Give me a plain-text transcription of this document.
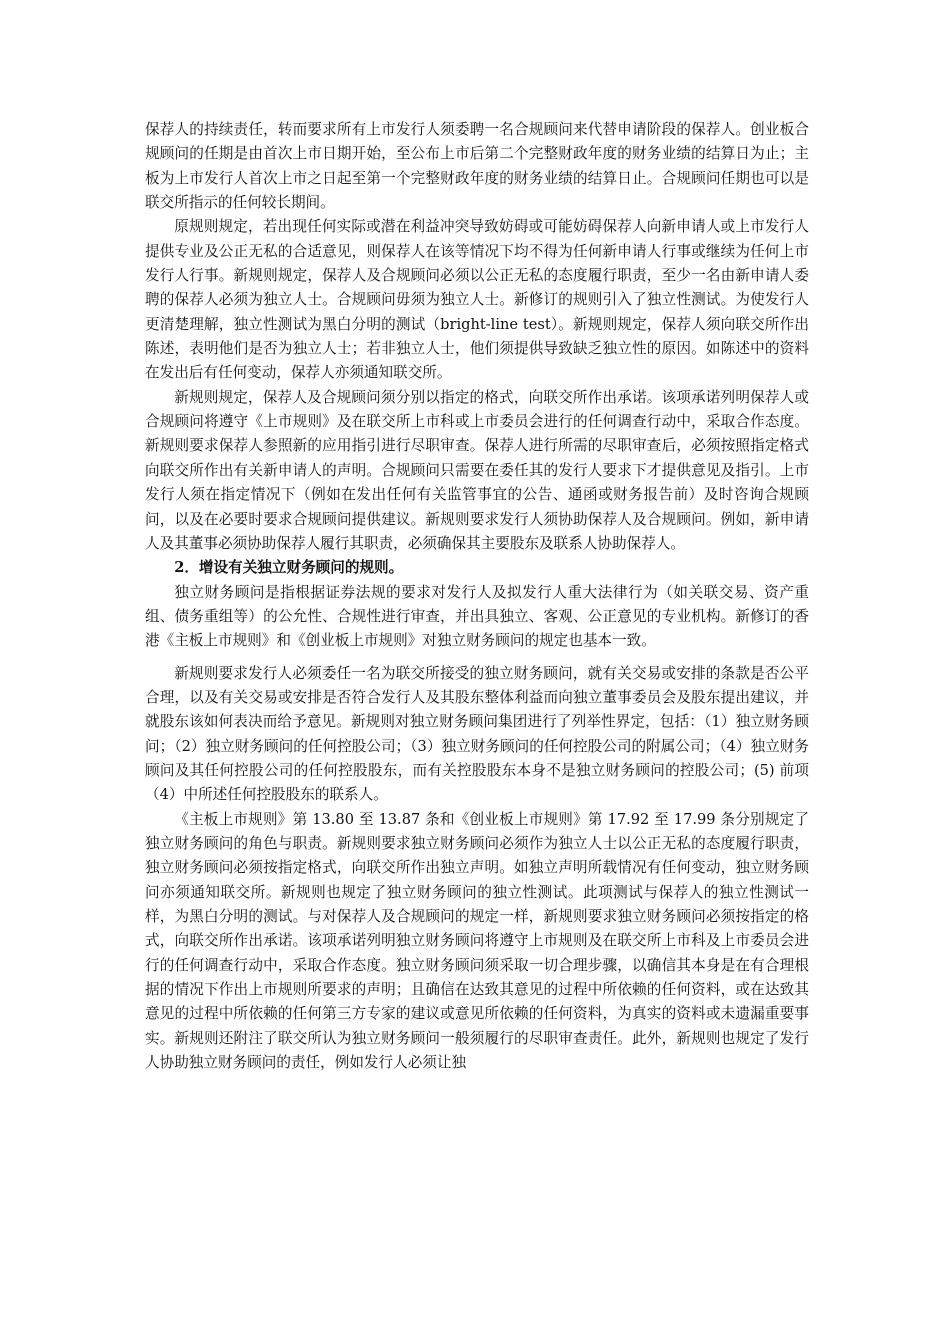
保荐人的持续责任，转而要求所有上市发行人须委聘一名合规顾问来代替申请阶段的保荐人。创业板合规顾问的任期是由首次上市日期开始，至公布上市后第二个完整财政年度的财务业绩的结算日为止；主板为上市发行人首次上市之日起至第一个完整财政年度的财务业绩的结算日止。合规顾问任期也可以是联交所指示的任何较长期间。

原规则规定，若出现任何实际或潜在利益冲突导致妨碍或可能妨碍保荐人向新申请人或上市发行人提供专业及公正无私的合适意见，则保荐人在该等情况下均不得为任何新申请人行事或继续为任何上市发行人行事。新规则规定，保荐人及合规顾问必须以公正无私的态度履行职责，至少一名由新申请人委聘的保荐人必须为独立人士。合规顾问毋须为独立人士。新修订的规则引入了独立性测试。为使发行人更清楚理解，独立性测试为黑白分明的测试（bright-line test）。新规则规定，保荐人须向联交所作出陈述，表明他们是否为独立人士；若非独立人士，他们须提供导致缺乏独立性的原因。如陈述中的资料在发出后有任何变动，保荐人亦须通知联交所。

新规则规定，保荐人及合规顾问须分别以指定的格式，向联交所作出承诺。该项承诺列明保荐人或合规顾问将遵守《上市规则》及在联交所上市科或上市委员会进行的任何调查行动中，采取合作态度。新规则要求保荐人参照新的应用指引进行尽职审查。保荐人进行所需的尽职审查后，必须按照指定格式向联交所作出有关新申请人的声明。合规顾问只需要在委任其的发行人要求下才提供意见及指引。上市发行人须在指定情况下（例如在发出任何有关监管事宜的公告、通函或财务报告前）及时咨询合规顾问，以及在必要时要求合规顾问提供建议。新规则要求发行人须协助保荐人及合规顾问。例如，新申请人及其董事必须协助保荐人履行其职责，必须确保其主要股东及联系人协助保荐人。

2．增设有关独立财务顾问的规则。

独立财务顾问是指根据证券法规的要求对发行人及拟发行人重大法律行为（如关联交易、资产重组、债务重组等）的公允性、合规性进行审查，并出具独立、客观、公正意见的专业机构。新修订的香港《主板上市规则》和《创业板上市规则》对独立财务顾问的规定也基本一致。

新规则要求发行人必须委任一名为联交所接受的独立财务顾问，就有关交易或安排的条款是否公平合理，以及有关交易或安排是否符合发行人及其股东整体利益而向独立董事委员会及股东提出建议，并就股东该如何表决而给予意见。新规则对独立财务顾问集团进行了列举性界定，包括：（1）独立财务顾问；（2）独立财务顾问的任何控股公司；（3）独立财务顾问的任何控股公司的附属公司；（4）独立财务顾问及其任何控股公司的任何控股股东，而有关控股股东本身不是独立财务顾问的控股公司；(5) 前项（4）中所述任何控股股东的联系人。

《主板上市规则》第 13.80 至 13.87 条和《创业板上市规则》第 17.92 至 17.99 条分别规定了独立财务顾问的角色与职责。新规则要求独立财务顾问必须作为独立人士以公正无私的态度履行职责，独立财务顾问必须按指定格式，向联交所作出独立声明。如独立声明所载情况有任何变动，独立财务顾问亦须通知联交所。新规则也规定了独立财务顾问的独立性测试。此项测试与保荐人的独立性测试一样，为黑白分明的测试。与对保荐人及合规顾问的规定一样，新规则要求独立财务顾问必须按指定的格式，向联交所作出承诺。该项承诺列明独立财务顾问将遵守上市规则及在联交所上市科及上市委员会进行的任何调查行动中，采取合作态度。独立财务顾问须采取一切合理步骤，以确信其本身是在有合理根据的情况下作出上市规则所要求的声明；且确信在达致其意见的过程中所依赖的任何资料，或在达致其意见的过程中所依赖的任何第三方专家的建议或意见所依赖的任何资料，为真实的资料或未遗漏重要事实。新规则还附注了联交所认为独立财务顾问一般须履行的尽职审查责任。此外，新规则也规定了发行人协助独立财务顾问的责任，例如发行人必须让独
